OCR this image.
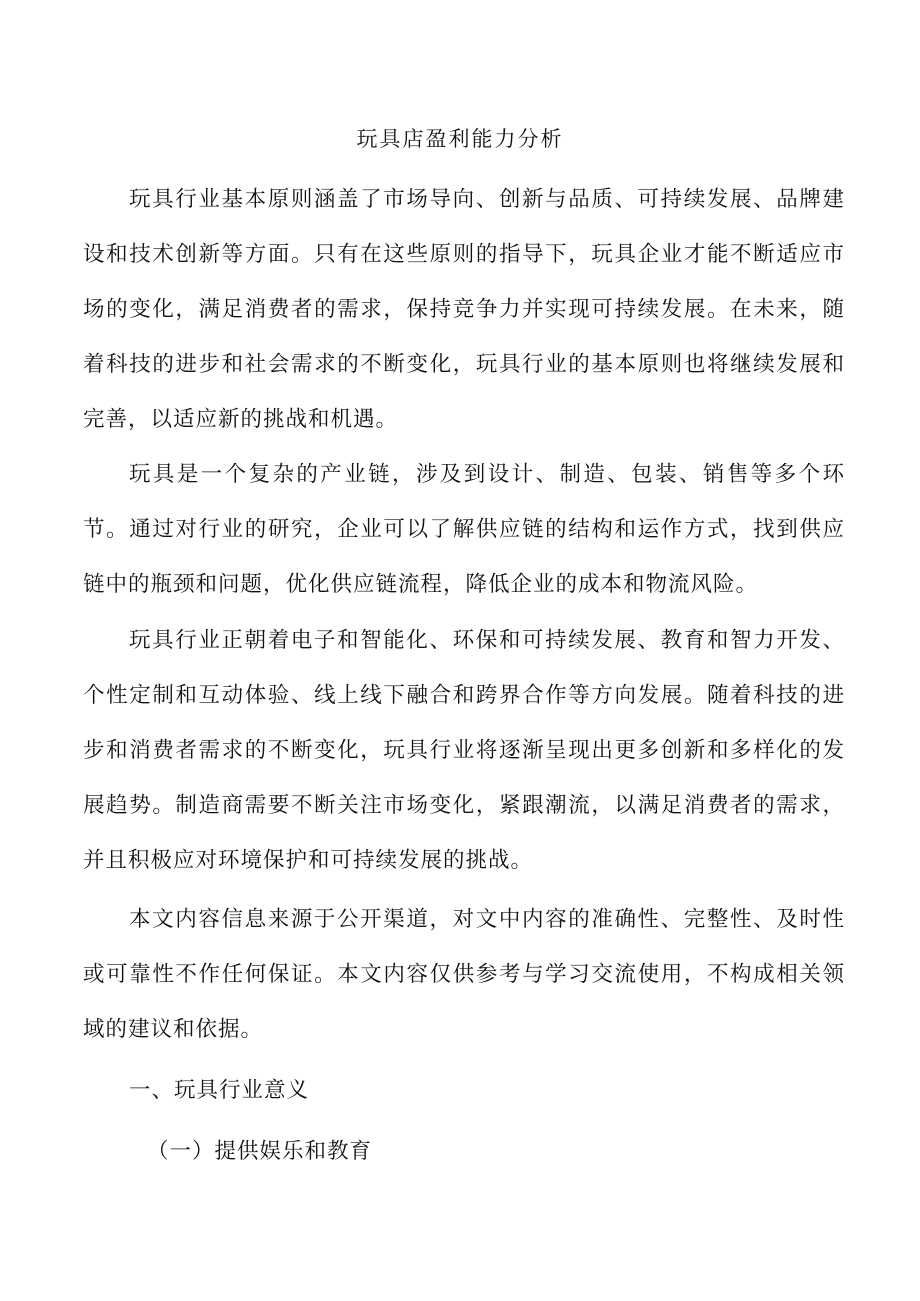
玩具店盈利能力分析

玩具行业基本原则涵盖了市场导向、创新与品质、可持续发展、品牌建设和技术创新等方面。只有在这些原则的指导下，玩具企业才能不断适应市场的变化，满足消费者的需求，保持竞争力并实现可持续发展。在未来，随着科技的进步和社会需求的不断变化，玩具行业的基本原则也将继续发展和完善，以适应新的挑战和机遇。

玩具是一个复杂的产业链，涉及到设计、制造、包装、销售等多个环节。通过对行业的研究，企业可以了解供应链的结构和运作方式，找到供应链中的瓶颈和问题，优化供应链流程，降低企业的成本和物流风险。

玩具行业正朝着电子和智能化、环保和可持续发展、教育和智力开发、个性定制和互动体验、线上线下融合和跨界合作等方向发展。随着科技的进步和消费者需求的不断变化，玩具行业将逐渐呈现出更多创新和多样化的发展趋势。制造商需要不断关注市场变化，紧跟潮流，以满足消费者的需求，并且积极应对环境保护和可持续发展的挑战。

本文内容信息来源于公开渠道，对文中内容的准确性、完整性、及时性或可靠性不作任何保证。本文内容仅供参考与学习交流使用，不构成相关领域的建议和依据。

一、玩具行业意义
（一）提供娱乐和教育
